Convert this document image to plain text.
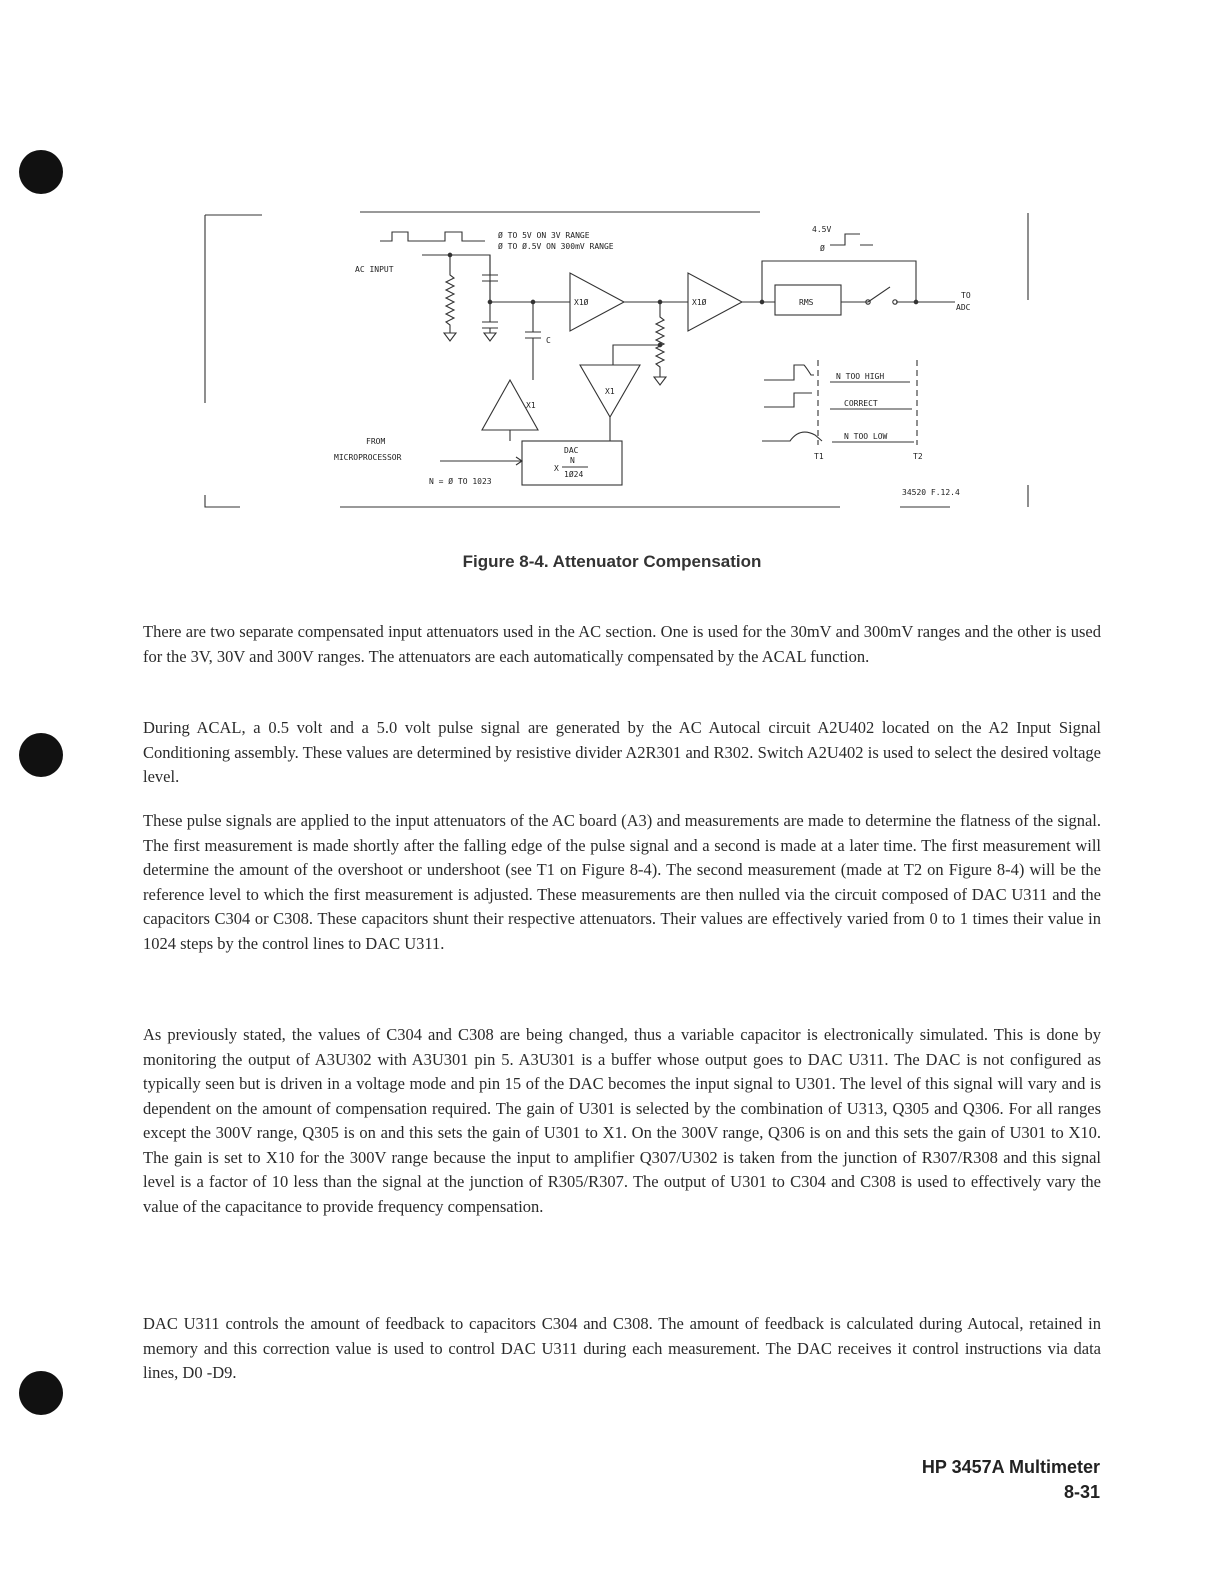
Ø TO 5V ON 3V RANGE
Ø TO Ø.5V ON 300mV RANGE
AC INPUT
C
X1Ø	X1Ø	RMS
TO
ADC
4.5V
Ø
X1
X1
DAC
X
N
1Ø24
FROM
MICROPROCESSOR
N = Ø TO 1023
N TOO HIGH
CORRECT
N TOO LOW
T1	T2
34520 F.12.4
Figure 8-4. Attenuator Compensation

There are two separate compensated input attenuators used in the AC section. One is used for the 30mV and 300mV ranges and the other is used for the 3V, 30V and 300V ranges. The attenuators are each automatically compensated by the ACAL function.

During ACAL, a 0.5 volt and a 5.0 volt pulse signal are generated by the AC Autocal circuit A2U402 located on the A2 Input Signal Conditioning assembly. These values are determined by resistive divider A2R301 and R302. Switch A2U402 is used to select the desired voltage level.

These pulse signals are applied to the input attenuators of the AC board (A3) and measurements are made to determine the flatness of the signal. The first measurement is made shortly after the falling edge of the pulse signal and a second is made at a later time. The first measurement will determine the amount of the overshoot or undershoot (see T1 on Figure 8-4). The second measurement (made at T2 on Figure 8-4) will be the reference level to which the first measurement is adjusted. These measurements are then nulled via the circuit composed of DAC U311 and the capacitors C304 or C308. These capacitors shunt their respective attenuators. Their values are effectively varied from 0 to 1 times their value in 1024 steps by the control lines to DAC U311.

As previously stated, the values of C304 and C308 are being changed, thus a variable capacitor is electronically simulated. This is done by monitoring the output of A3U302 with A3U301 pin 5. A3U301 is a buffer whose output goes to DAC U311. The DAC is not configured as typically seen but is driven in a voltage mode and pin 15 of the DAC becomes the input signal to U301. The level of this signal will vary and is dependent on the amount of compensation required. The gain of U301 is selected by the combination of U313, Q305 and Q306. For all ranges except the 300V range, Q305 is on and this sets the gain of U301 to X1. On the 300V range, Q306 is on and this sets the gain of U301 to X10. The gain is set to X10 for the 300V range because the input to amplifier Q307/U302 is taken from the junction of R307/R308 and this signal level is a factor of 10 less than the signal at the junction of R305/R307. The output of U301 to C304 and C308 is used to effectively vary the value of the capacitance to provide frequency compensation.

DAC U311 controls the amount of feedback to capacitors C304 and C308. The amount of feedback is calculated during Autocal, retained in memory and this correction value is used to control DAC U311 during each measurement. The DAC receives it control instructions via data lines, D0 -D9.

HP 3457A Multimeter
8-31
